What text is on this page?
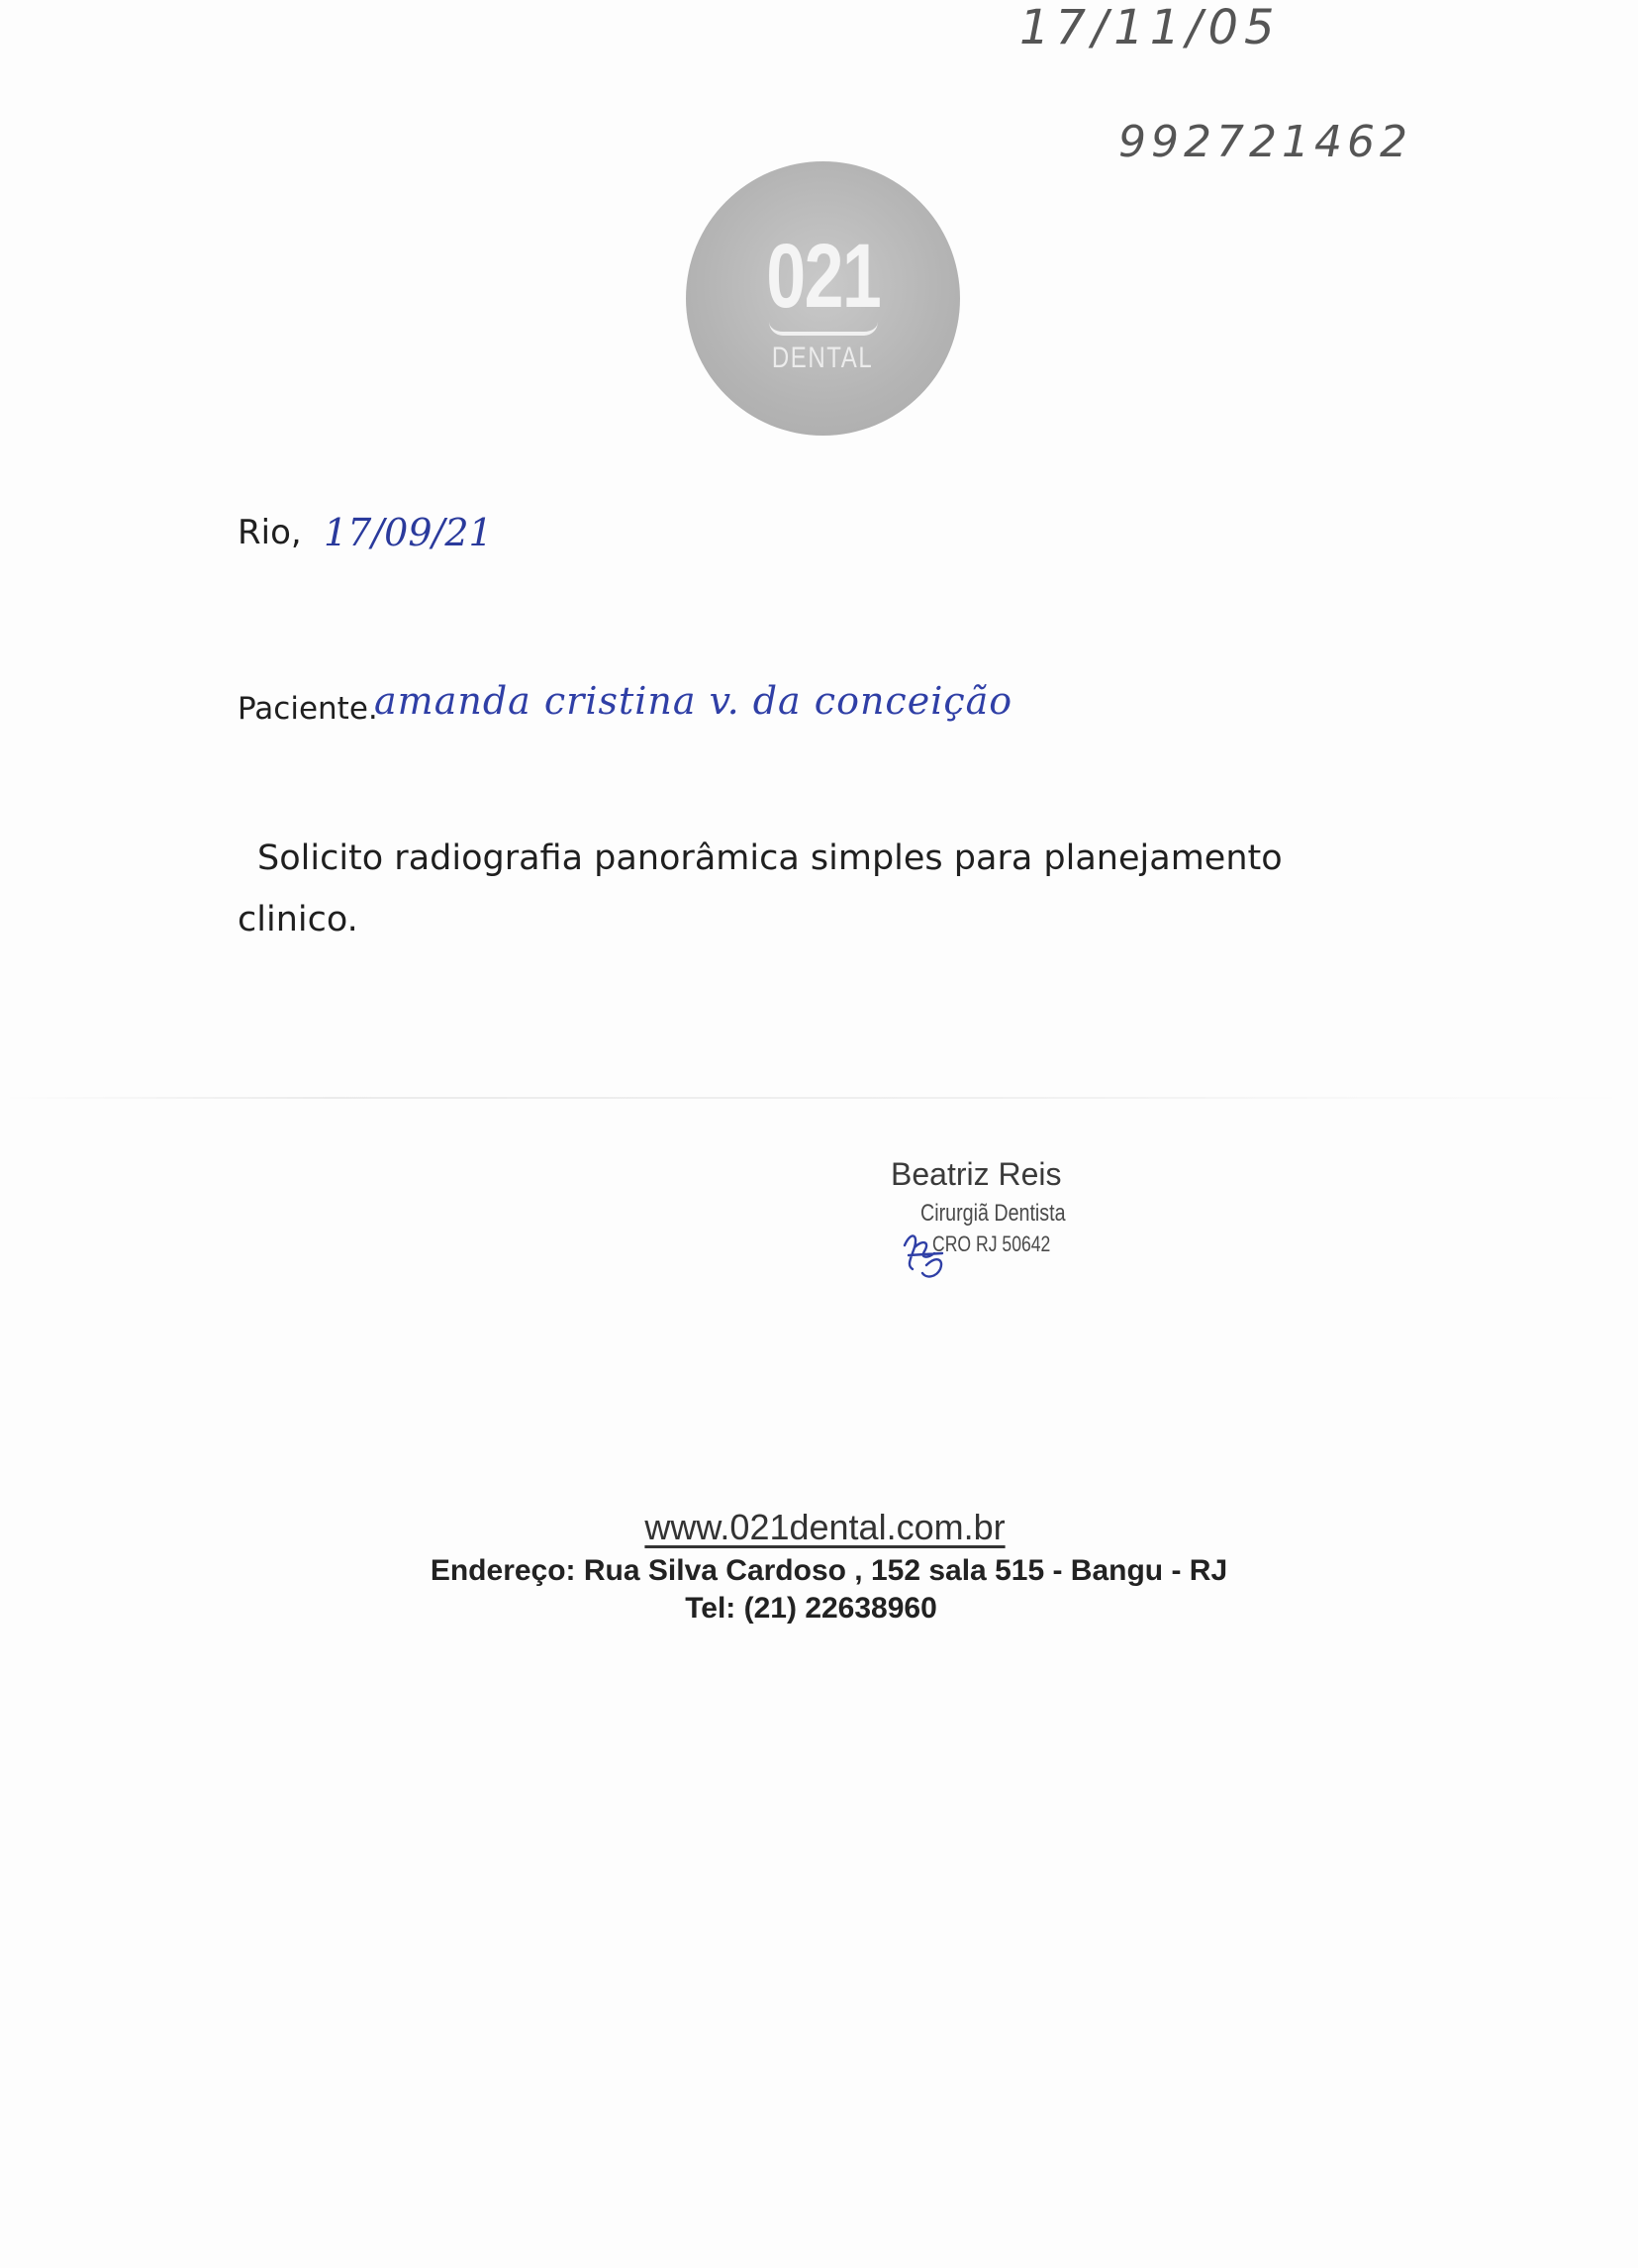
17/11/05
992721462
021
DENTAL
Rio, 17/09/21
Paciente.
amanda cristina v. da conceição
Solicito radiografia panorâmica simples para planejamento clinico.
Beatriz Reis
Cirurgiã Dentista
CRO RJ 50642
www.021dental.com.br
Endereço: Rua Silva Cardoso , 152 sala 515 - Bangu - RJ
Tel: (21) 22638960
